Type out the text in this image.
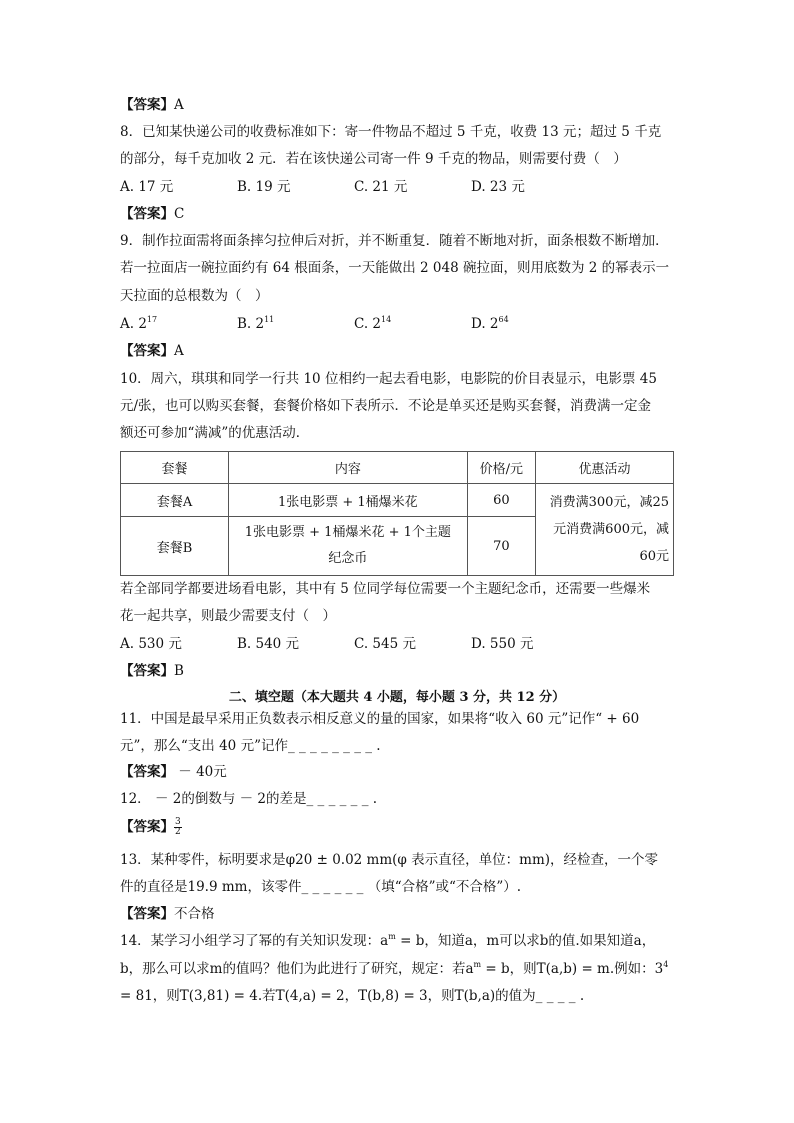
【答案】A
8．已知某快递公司的收费标准如下：寄一件物品不超过 5 千克，收费 13 元；超过 5 千克
的部分，每千克加收 2 元．若在该快递公司寄一件 9 千克的物品，则需要付费（　）
A. 17 元	B. 19 元	C. 21 元	D. 23 元
【答案】C
9．制作拉面需将面条摔匀拉伸后对折，并不断重复．随着不断地对折，面条根数不断增加．
若一拉面店一碗拉面约有 64 根面条，一天能做出 2 048 碗拉面，则用底数为 2 的幂表示一
天拉面的总根数为（　）
A. $2^{17}$	B. $2^{11}$	C. $2^{14}$	D. $2^{64}$
【答案】A
10．周六，琪琪和同学一行共 10 位相约一起去看电影，电影院的价目表显示，电影票 45
元/张，也可以购买套餐，套餐价格如下表所示．不论是单买还是购买套餐，消费满一定金
额还可参加“满减”的优惠活动．
套餐	内容	价格/元	优惠活动
套餐A	1张电影票 + 1桶爆米花	60	消费满300元，减25
元消费满600元，减
60元

套餐B	1张电影票 + 1桶爆米花 + 1个主题
纪念币	70	
若全部同学都要进场看电影，其中有 5 位同学每位需要一个主题纪念币，还需要一些爆米
花一起共享，则最少需要支付（　）
A. 530 元	B. 540 元	C. 545 元	D. 550 元
【答案】B
二、填空题（本大题共 4 小题，每小题 3 分，共 12 分）
11．中国是最早采用正负数表示相反意义的量的国家，如果将“收入 60 元”记作“ + 60
元”，那么“支出 40 元”记作_ _ _ _ _ _ _ _ .
【答案】 － 40元
12． － 2的倒数与 － 2的差是_ _ _ _ _ _ .
【答案】 $\frac{3}{2}$
13．某种零件，标明要求是φ20 ± 0.02 mm(φ 表示直径，单位：mm)，经检查，一个零
件的直径是19.9 mm，该零件_ _ _ _ _ _ （填“合格”或“不合格”）.
【答案】不合格
14．某学习小组学习了幂的有关知识发现：$a^m = b$，知道a，m可以求b的值.如果知道a，
b，那么可以求m的值吗？他们为此进行了研究，规定：若$a^m = b$，则T(a,b) = m.例如：$3^4$
= 81，则T(3,81) = 4.若T(4,a) = 2，T(b,8) = 3，则T(b,a)的值为_ _ _ _ .
